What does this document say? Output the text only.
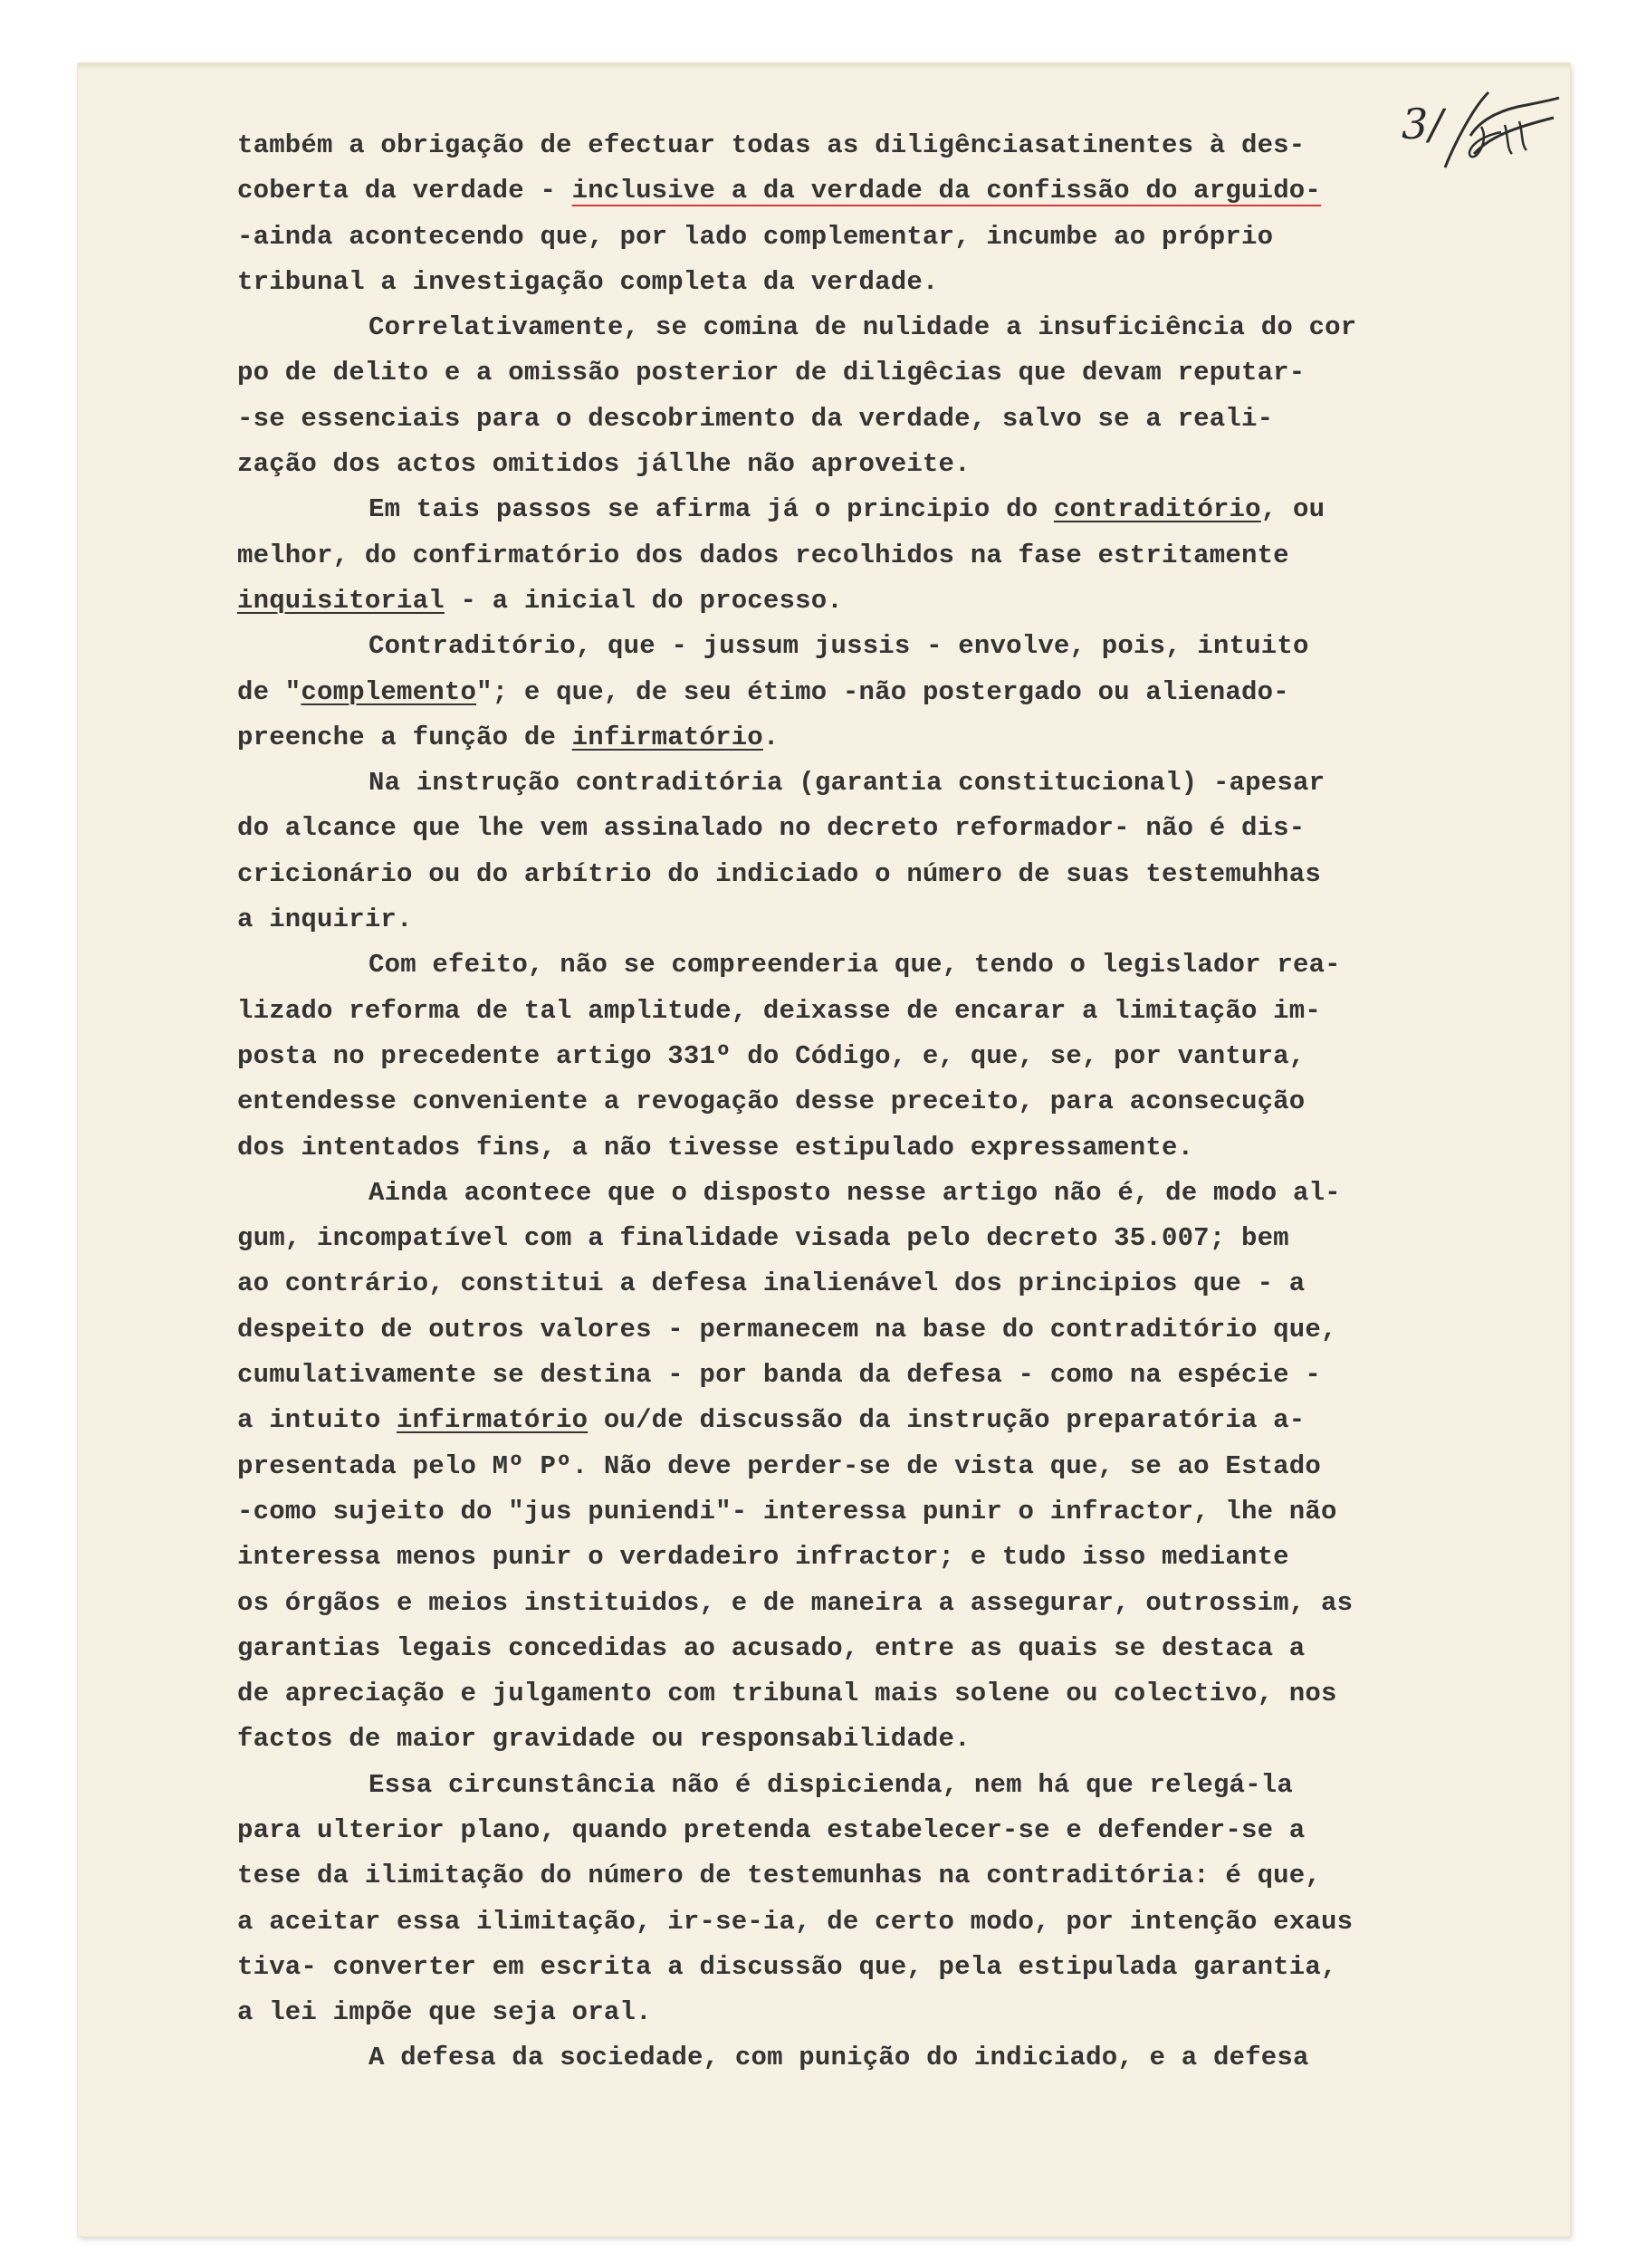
3/
também a obrigação de efectuar todas as diligênciasatinentes à des-
coberta da verdade - inclusive a da verdade da confissão do arguido-
-ainda acontecendo que, por lado complementar, incumbe ao próprio
tribunal a investigação completa da verdade.
Correlativamente, se comina de nulidade a insuficiência do cor
po de delito e a omissão posterior de diligêcias que devam reputar-
-se essenciais para o descobrimento da verdade, salvo se a reali-
zação dos actos omitidos jállhe não aproveite.
Em tais passos se afirma já o principio do contraditório, ou
melhor, do confirmatório dos dados recolhidos na fase estritamente
inquisitorial - a inicial do processo.
Contraditório, que - jussum jussis - envolve, pois, intuito
de "complemento"; e que, de seu étimo -não postergado ou alienado-
preenche a função de infirmatório.
Na instrução contraditória (garantia constitucional) -apesar
do alcance que lhe vem assinalado no decreto reformador- não é dis-
cricionário ou do arbítrio do indiciado o número de suas testemuhhas
a inquirir.
Com efeito, não se compreenderia que, tendo o legislador rea-
lizado reforma de tal amplitude, deixasse de encarar a limitação im-
posta no precedente artigo 331º do Código, e, que, se, por vantura,
entendesse conveniente a revogação desse preceito, para aconsecução
dos intentados fins, a não tivesse estipulado expressamente.
Ainda acontece que o disposto nesse artigo não é, de modo al-
gum, incompatível com a finalidade visada pelo decreto 35.007; bem
ao contrário, constitui a defesa inalienável dos principios que - a
despeito de outros valores - permanecem na base do contraditório que,
cumulativamente se destina - por banda da defesa - como na espécie -
a intuito infirmatório ou/de discussão da instrução preparatória a-
presentada pelo Mº Pº. Não deve perder-se de vista que, se ao Estado
-como sujeito do "jus puniendi"- interessa punir o infractor, lhe não
interessa menos punir o verdadeiro infractor; e tudo isso mediante
os órgãos e meios instituidos, e de maneira a assegurar, outrossim, as
garantias legais concedidas ao acusado, entre as quais se destaca a
de apreciação e julgamento com tribunal mais solene ou colectivo, nos
factos de maior gravidade ou responsabilidade.
Essa circunstância não é dispicienda, nem há que relegá-la
para ulterior plano, quando pretenda estabelecer-se e defender-se a
tese da ilimitação do número de testemunhas na contraditória: é que,
a aceitar essa ilimitação, ir-se-ia, de certo modo, por intenção exaus
tiva- converter em escrita a discussão que, pela estipulada garantia,
a lei impõe que seja oral.
A defesa da sociedade, com punição do indiciado, e a defesa
